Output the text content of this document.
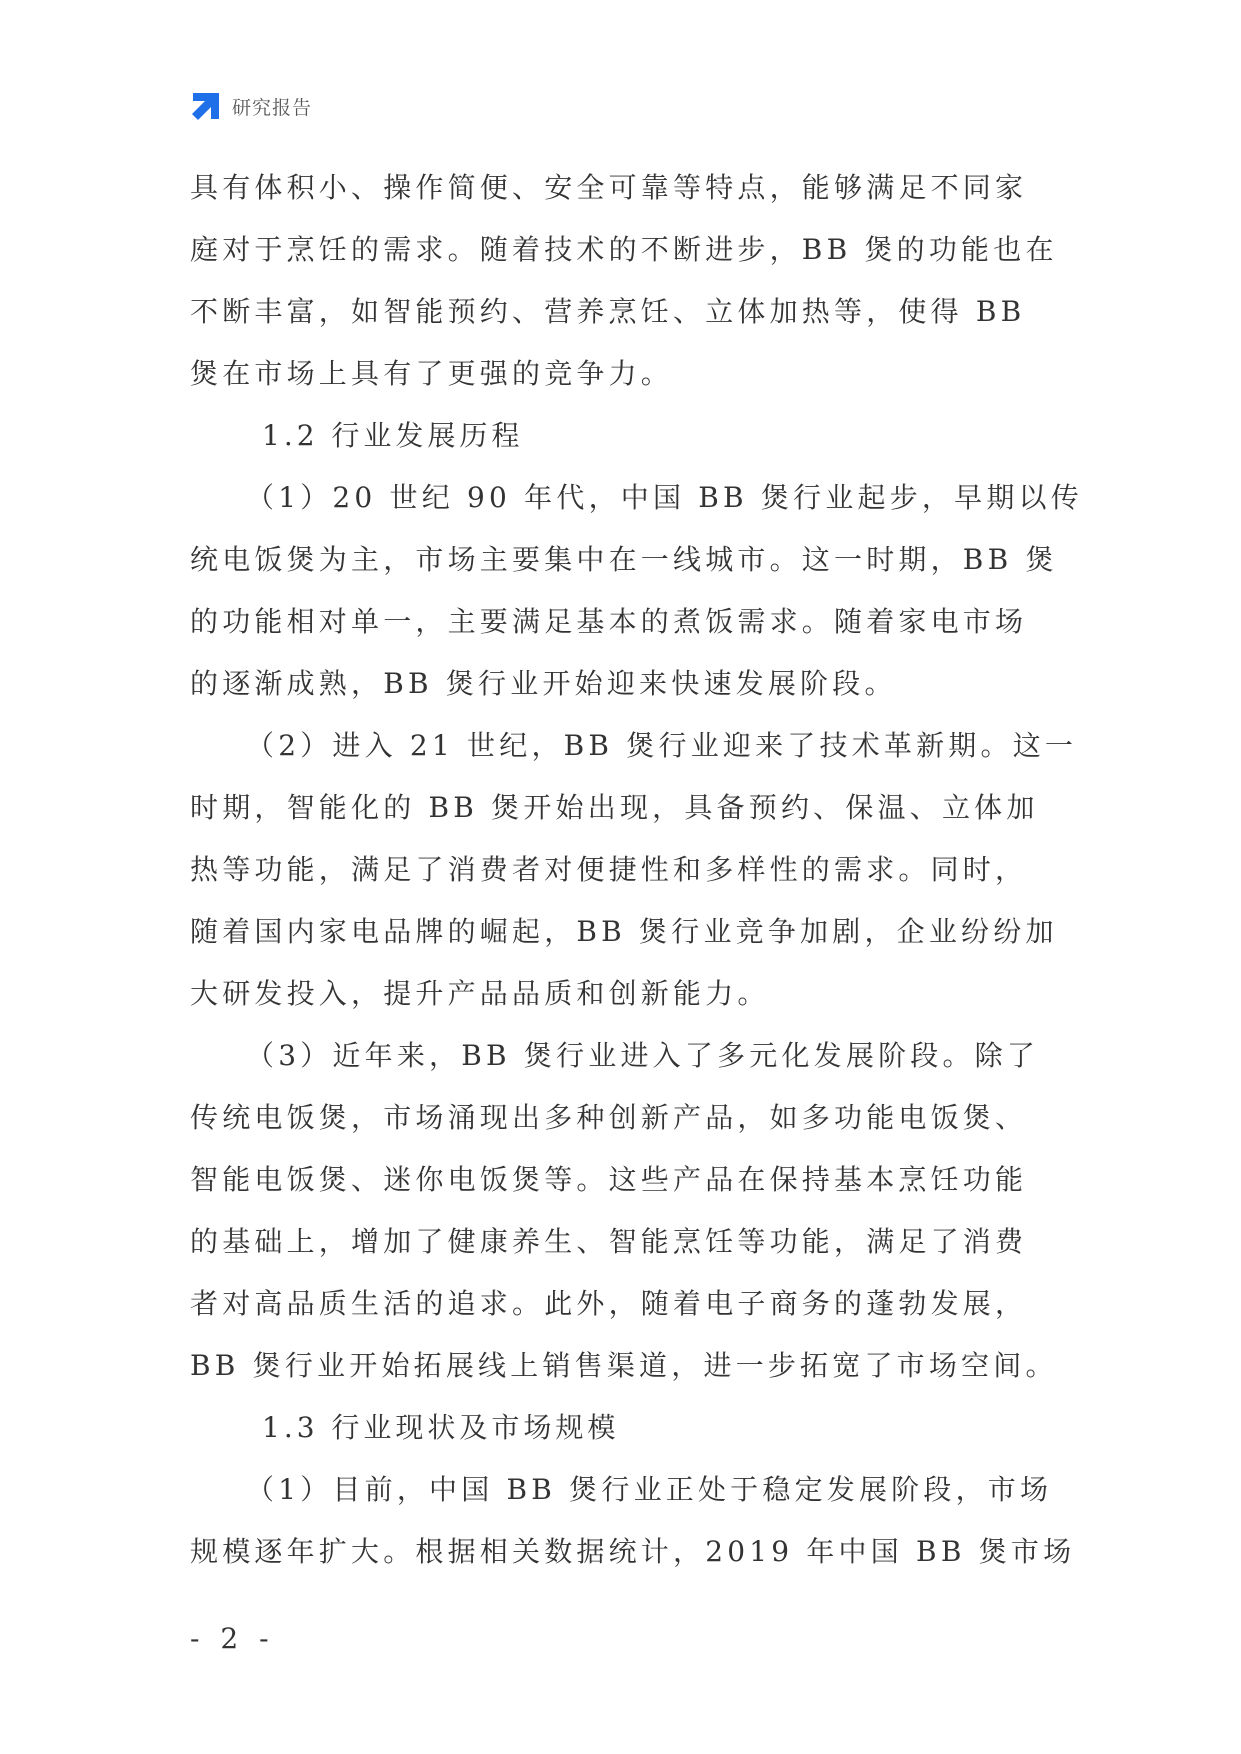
研究报告
具有体积小、操作简便、安全可靠等特点，能够满足不同家
庭对于烹饪的需求。随着技术的不断进步，BB 煲的功能也在
不断丰富，如智能预约、营养烹饪、立体加热等，使得 BB
煲在市场上具有了更强的竞争力。
1.2 行业发展历程
（1）20 世纪 90 年代，中国 BB 煲行业起步，早期以传
统电饭煲为主，市场主要集中在一线城市。这一时期，BB 煲
的功能相对单一，主要满足基本的煮饭需求。随着家电市场
的逐渐成熟，BB 煲行业开始迎来快速发展阶段。
（2）进入 21 世纪，BB 煲行业迎来了技术革新期。这一
时期，智能化的 BB 煲开始出现，具备预约、保温、立体加
热等功能，满足了消费者对便捷性和多样性的需求。同时，
随着国内家电品牌的崛起，BB 煲行业竞争加剧，企业纷纷加
大研发投入，提升产品品质和创新能力。
（3）近年来，BB 煲行业进入了多元化发展阶段。除了
传统电饭煲，市场涌现出多种创新产品，如多功能电饭煲、
智能电饭煲、迷你电饭煲等。这些产品在保持基本烹饪功能
的基础上，增加了健康养生、智能烹饪等功能，满足了消费
者对高品质生活的追求。此外，随着电子商务的蓬勃发展，
BB 煲行业开始拓展线上销售渠道，进一步拓宽了市场空间。
1.3 行业现状及市场规模
（1）目前，中国 BB 煲行业正处于稳定发展阶段，市场
规模逐年扩大。根据相关数据统计，2019 年中国 BB 煲市场
- 2 -
